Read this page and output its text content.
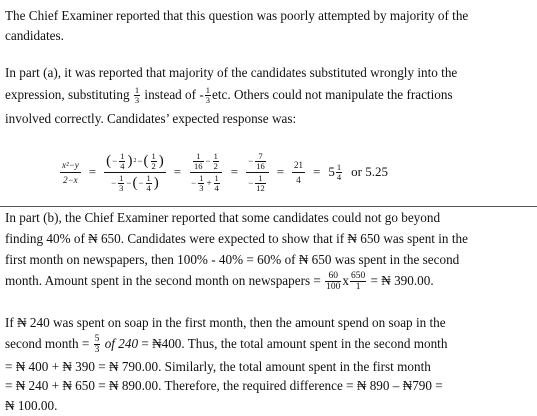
The Chief Examiner reported that this question was poorly attempted by majority of the
candidates.
In part (a), it was reported that majority of the candidates substituted wrongly into the
expression, substituting $\frac{1}{3}$ instead of - $\frac{1}{3}$ etc. Others could not manipulate the fractions
involved correctly. Candidates’ expected response was:
$\frac{\text{x²−y}}{2-x} = \frac{( - \frac{1}{4} ) 2 - ( \frac{1}{2} )}{- \frac{1}{3} - ( - \frac{1}{4} )} = \frac{\frac{1}{16} - \frac{1}{2}}{- \frac{1}{3} + \frac{1}{4}} = \frac{- \frac{7}{16}}{- \frac{1}{12}} = \frac{21}{4} = 5 \frac{1}{4}$ or 5.25
In part (b), the Chief Examiner reported that some candidates could not go beyond
finding 40% of ₦ 650. Candidates were expected to show that if ₦ 650 was spent in the
first month on newspapers, then 100% - 40% = 60% of ₦ 650 was spent in the second
month. Amount spent in the second month on newspapers = $\frac{60}{100}$ x $\frac{650}{1}$ = ₦ 390.00.
If ₦ 240 was spent on soap in the first month, then the amount spend on soap in the
second month = $\frac{5}{3}$ of 240 = ₦400. Thus, the total amount spent in the second month
= ₦ 400 + ₦ 390 = ₦ 790.00. Similarly, the total amount spent in the first month
= ₦ 240 + ₦ 650 = ₦ 890.00. Therefore, the required difference = ₦ 890 – ₦790 =
₦ 100.00.
